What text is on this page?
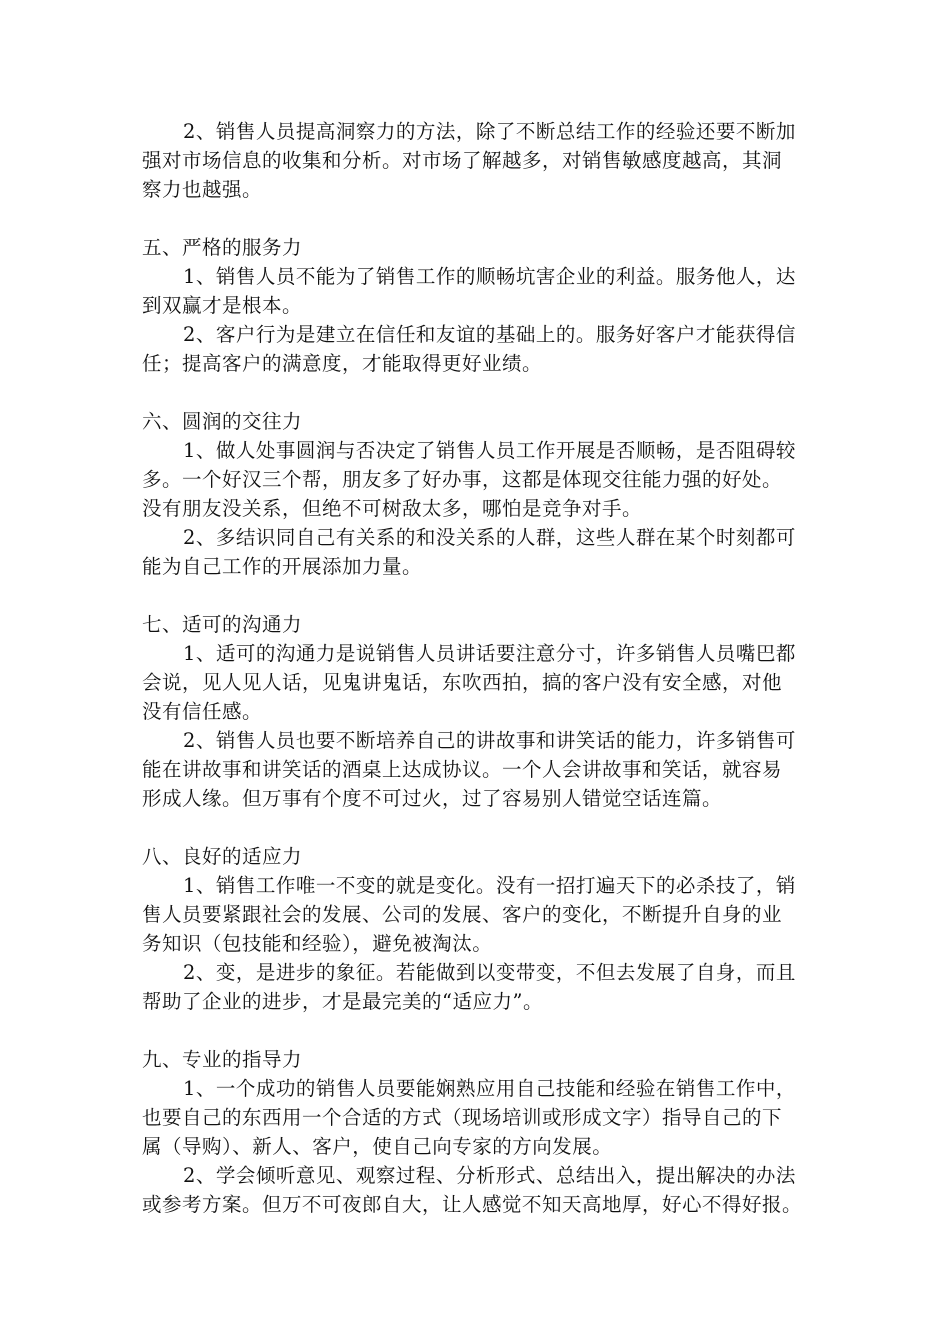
2、销售人员提高洞察力的方法，除了不断总结工作的经验还要不断加
强对市场信息的收集和分析。对市场了解越多，对销售敏感度越高，其洞
察力也越强。
五、严格的服务力
1、销售人员不能为了销售工作的顺畅坑害企业的利益。服务他人，达
到双赢才是根本。
2、客户行为是建立在信任和友谊的基础上的。服务好客户才能获得信
任；提高客户的满意度，才能取得更好业绩。
六、圆润的交往力
1、做人处事圆润与否决定了销售人员工作开展是否顺畅，是否阻碍较
多。一个好汉三个帮，朋友多了好办事，这都是体现交往能力强的好处。
没有朋友没关系，但绝不可树敌太多，哪怕是竞争对手。
2、多结识同自己有关系的和没关系的人群，这些人群在某个时刻都可
能为自己工作的开展添加力量。
七、适可的沟通力
1、适可的沟通力是说销售人员讲话要注意分寸，许多销售人员嘴巴都
会说，见人见人话，见鬼讲鬼话，东吹西拍，搞的客户没有安全感，对他
没有信任感。
2、销售人员也要不断培养自己的讲故事和讲笑话的能力，许多销售可
能在讲故事和讲笑话的酒桌上达成协议。一个人会讲故事和笑话，就容易
形成人缘。但万事有个度不可过火，过了容易别人错觉空话连篇。
八、良好的适应力
1、销售工作唯一不变的就是变化。没有一招打遍天下的必杀技了，销
售人员要紧跟社会的发展、公司的发展、客户的变化，不断提升自身的业
务知识（包技能和经验），避免被淘汰。
2、变，是进步的象征。若能做到以变带变，不但去发展了自身，而且
帮助了企业的进步，才是最完美的“适应力”。
九、专业的指导力
1、一个成功的销售人员要能娴熟应用自己技能和经验在销售工作中，
也要自己的东西用一个合适的方式（现场培训或形成文字）指导自己的下
属（导购）、新人、客户，使自己向专家的方向发展。
2、学会倾听意见、观察过程、分析形式、总结出入，提出解决的办法
或参考方案。但万不可夜郎自大，让人感觉不知天高地厚，好心不得好报。
